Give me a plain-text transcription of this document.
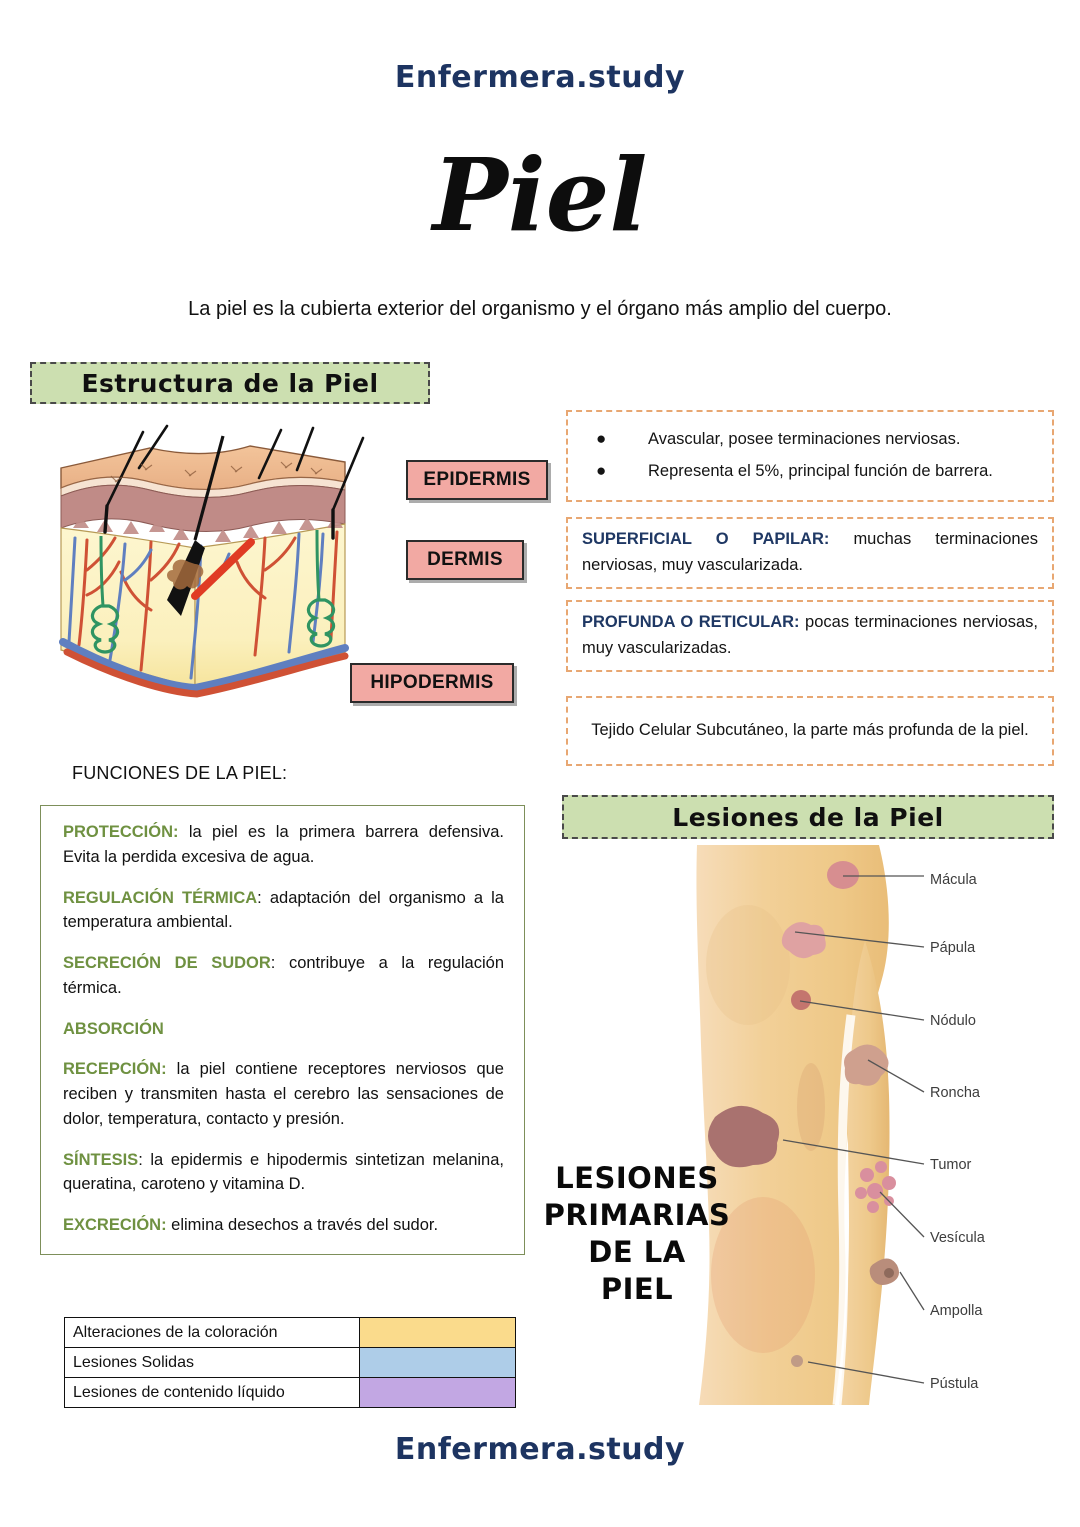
Enfermera.study
Piel
La piel es la cubierta exterior del organismo y el órgano más amplio del cuerpo.
Estructura de la Piel
EPIDERMIS
DERMIS
HIPODERMIS
●	Avascular, posee terminaciones nerviosas.
●	Representa el 5%, principal función de barrera.
SUPERFICIAL O PAPILAR: muchas terminaciones nerviosas, muy vascularizada.
PROFUNDA O RETICULAR: pocas terminaciones nerviosas, muy vascularizadas.
Tejido Celular Subcutáneo, la parte más profunda de la piel.
FUNCIONES DE LA PIEL:

PROTECCIÓN: la piel es la primera barrera defensiva. Evita la perdida excesiva de agua.

REGULACIÓN TÉRMICA: adaptación del organismo a la temperatura ambiental.

SECRECIÓN DE SUDOR: contribuye a la regulación térmica.

ABSORCIÓN

RECEPCIÓN: la piel contiene receptores nerviosos que reciben y transmiten hasta el cerebro las sensaciones de dolor, temperatura, contacto y presión.

SÍNTESIS: la epidermis e hipodermis sintetizan melanina, queratina, caroteno y vitamina D.

EXCRECIÓN: elimina desechos a través del sudor.

Alteraciones de la coloración	
Lesiones Solidas	
Lesiones de contenido líquido	
Lesiones de la Piel
LESIONES
PRIMARIAS DE LA
PIEL
Mácula
Pápula
Nódulo
Roncha
Tumor
Vesícula
Ampolla
Pústula
Enfermera.study
